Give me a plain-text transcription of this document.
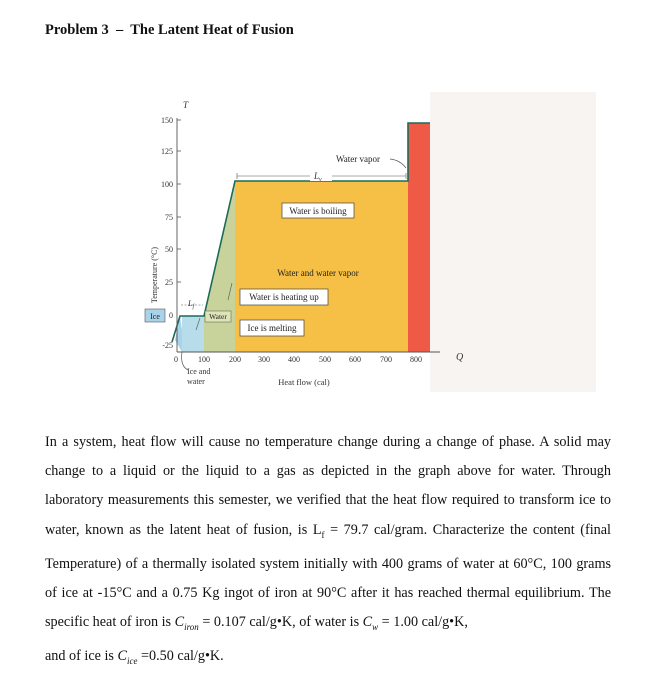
Problem 3  –  The Latent Heat of Fusion
T
150
125
100
75
50
25
0
-25
Temperature (°C)
Ice
0	100 200 300 400 500 600 700 800	Q
Heat flow (cal)
Ice and
water
$L_f$
Water
$L_v$
Water vapor
Water is boiling
Water and water vapor
Water is heating up
Ice is melting
In a system, heat flow will cause no temperature change during a change of phase. A solid may change to a liquid or the liquid to a gas as depicted in the graph above for water. Through laboratory measurements this semester, we verified that the heat flow required to transform ice to water, known as the latent heat of fusion, is $L_f = 79.7$ cal/gram. Characterize the content (final Temperature) of a thermally isolated system initially with 400 grams of water at 60°C, 100 grams of ice at -15°C and a 0.75 Kg ingot of iron at 90°C after it has reached thermal equilibrium. The specific heat of iron is $C_{iron} = 0.107$ cal/g•K, of water is $C_w = 1.00$ cal/g•K,
and of ice is $C_{ice} =0.50$ cal/g•K.
